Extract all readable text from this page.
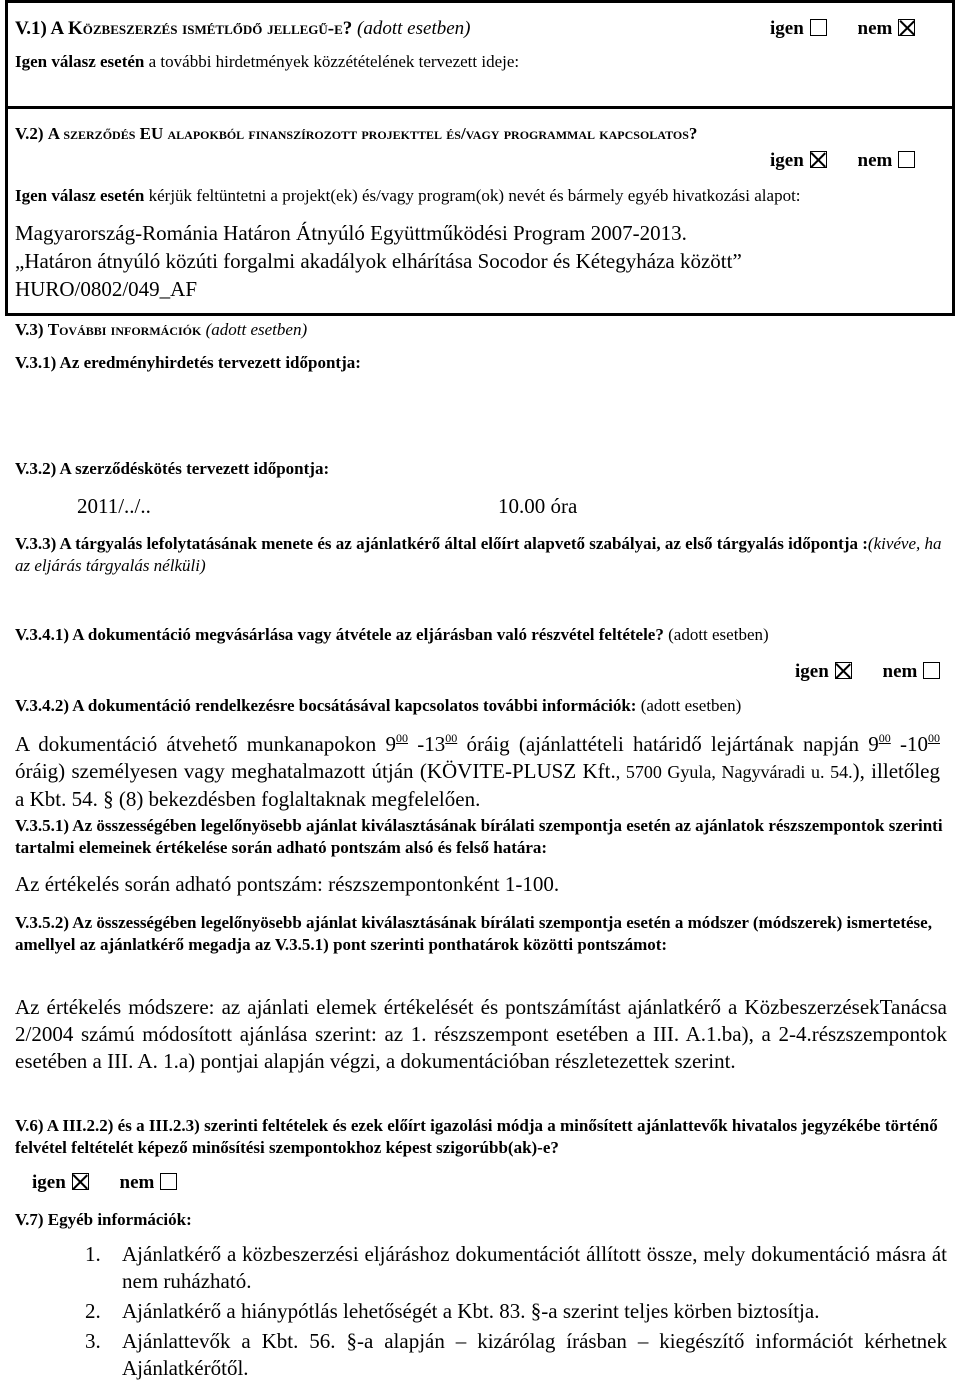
V.1) A Közbeszerzés ismétlődő jellegű-e? (adott esetben)	igen	nem
Igen válasz esetén a további hirdetmények közzétételének tervezett ideje:
V.2) A szerződés EU alapokból finanszírozott projekttel és/vagy programmal kapcsolatos?
igen	nem
Igen válasz esetén kérjük feltüntetni a projekt(ek) és/vagy program(ok) nevét és bármely egyéb hivatkozási alapot:
Magyarország-Románia Határon Átnyúló Együttműködési Program 2007-2013.
„Határon átnyúló közúti forgalmi akadályok elhárítása Socodor és Kétegyháza között”
HURO/0802/049_AF
V.3) További információk (adott esetben)
V.3.1) Az eredményhirdetés tervezett időpontja:
V.3.2) A szerződéskötés tervezett időpontja:
2011/../..	10.00 óra
V.3.3) A tárgyalás lefolytatásának menete és az ajánlatkérő által előírt alapvető szabályai, az első tárgyalás időpontja :(kivéve, ha az eljárás tárgyalás nélküli)
V.3.4.1) A dokumentáció megvásárlása vagy átvétele az eljárásban való részvétel feltétele? (adott esetben)
igen	nem
V.3.4.2) A dokumentáció rendelkezésre bocsátásával kapcsolatos további információk: (adott esetben)
A dokumentáció átvehető munkanapokon $9^{00}$ $-13^{00}$ óráig (ajánlattételi határidő lejártának napján $9^{00}$ $-10^{00}$ óráig) személyesen vagy meghatalmazott útján (KÖVITE-PLUSZ Kft., 5700 Gyula, Nagyváradi u. 54.), illetőleg a Kbt. 54. § (8) bekezdésben foglaltaknak megfelelően.
V.3.5.1) Az összességében legelőnyösebb ajánlat kiválasztásának bírálati szempontja esetén az ajánlatok részszempontok szerinti tartalmi elemeinek értékelése során adható pontszám alsó és felső határa:
Az értékelés során adható pontszám: részszempontonként 1-100.
V.3.5.2) Az összességében legelőnyösebb ajánlat kiválasztásának bírálati szempontja esetén a módszer (módszerek) ismertetése, amellyel az ajánlatkérő megadja az V.3.5.1) pont szerinti ponthatárok közötti pontszámot:
Az értékelés módszere: az ajánlati elemek értékelését és pontszámítást ajánlatkérő a KözbeszerzésekTanácsa 2/2004 számú módosított ajánlása szerint: az 1. részszempont esetében a III. A.1.ba), a 2-4.részszempontok esetében a III. A. 1.a) pontjai alapján végzi, a dokumentációban részletezettek szerint.
V.6) A III.2.2) és a III.2.3) szerinti feltételek és ezek előírt igazolási módja a minősített ajánlattevők hivatalos jegyzékébe történő felvétel feltételét képező minősítési szempontokhoz képest szigorúbb(ak)-e?
igen	nem
V.7) Egyéb információk:
1. Ajánlatkérő a közbeszerzési eljáráshoz dokumentációt állított össze, mely dokumentáció másra át nem ruházható.
2. Ajánlatkérő a hiánypótlás lehetőségét a Kbt. 83. §-a szerint teljes körben biztosítja.
3. Ajánlattevők a Kbt. 56. §-a alapján – kizárólag írásban – kiegészítő információt kérhetnek Ajánlatkérőtől.
